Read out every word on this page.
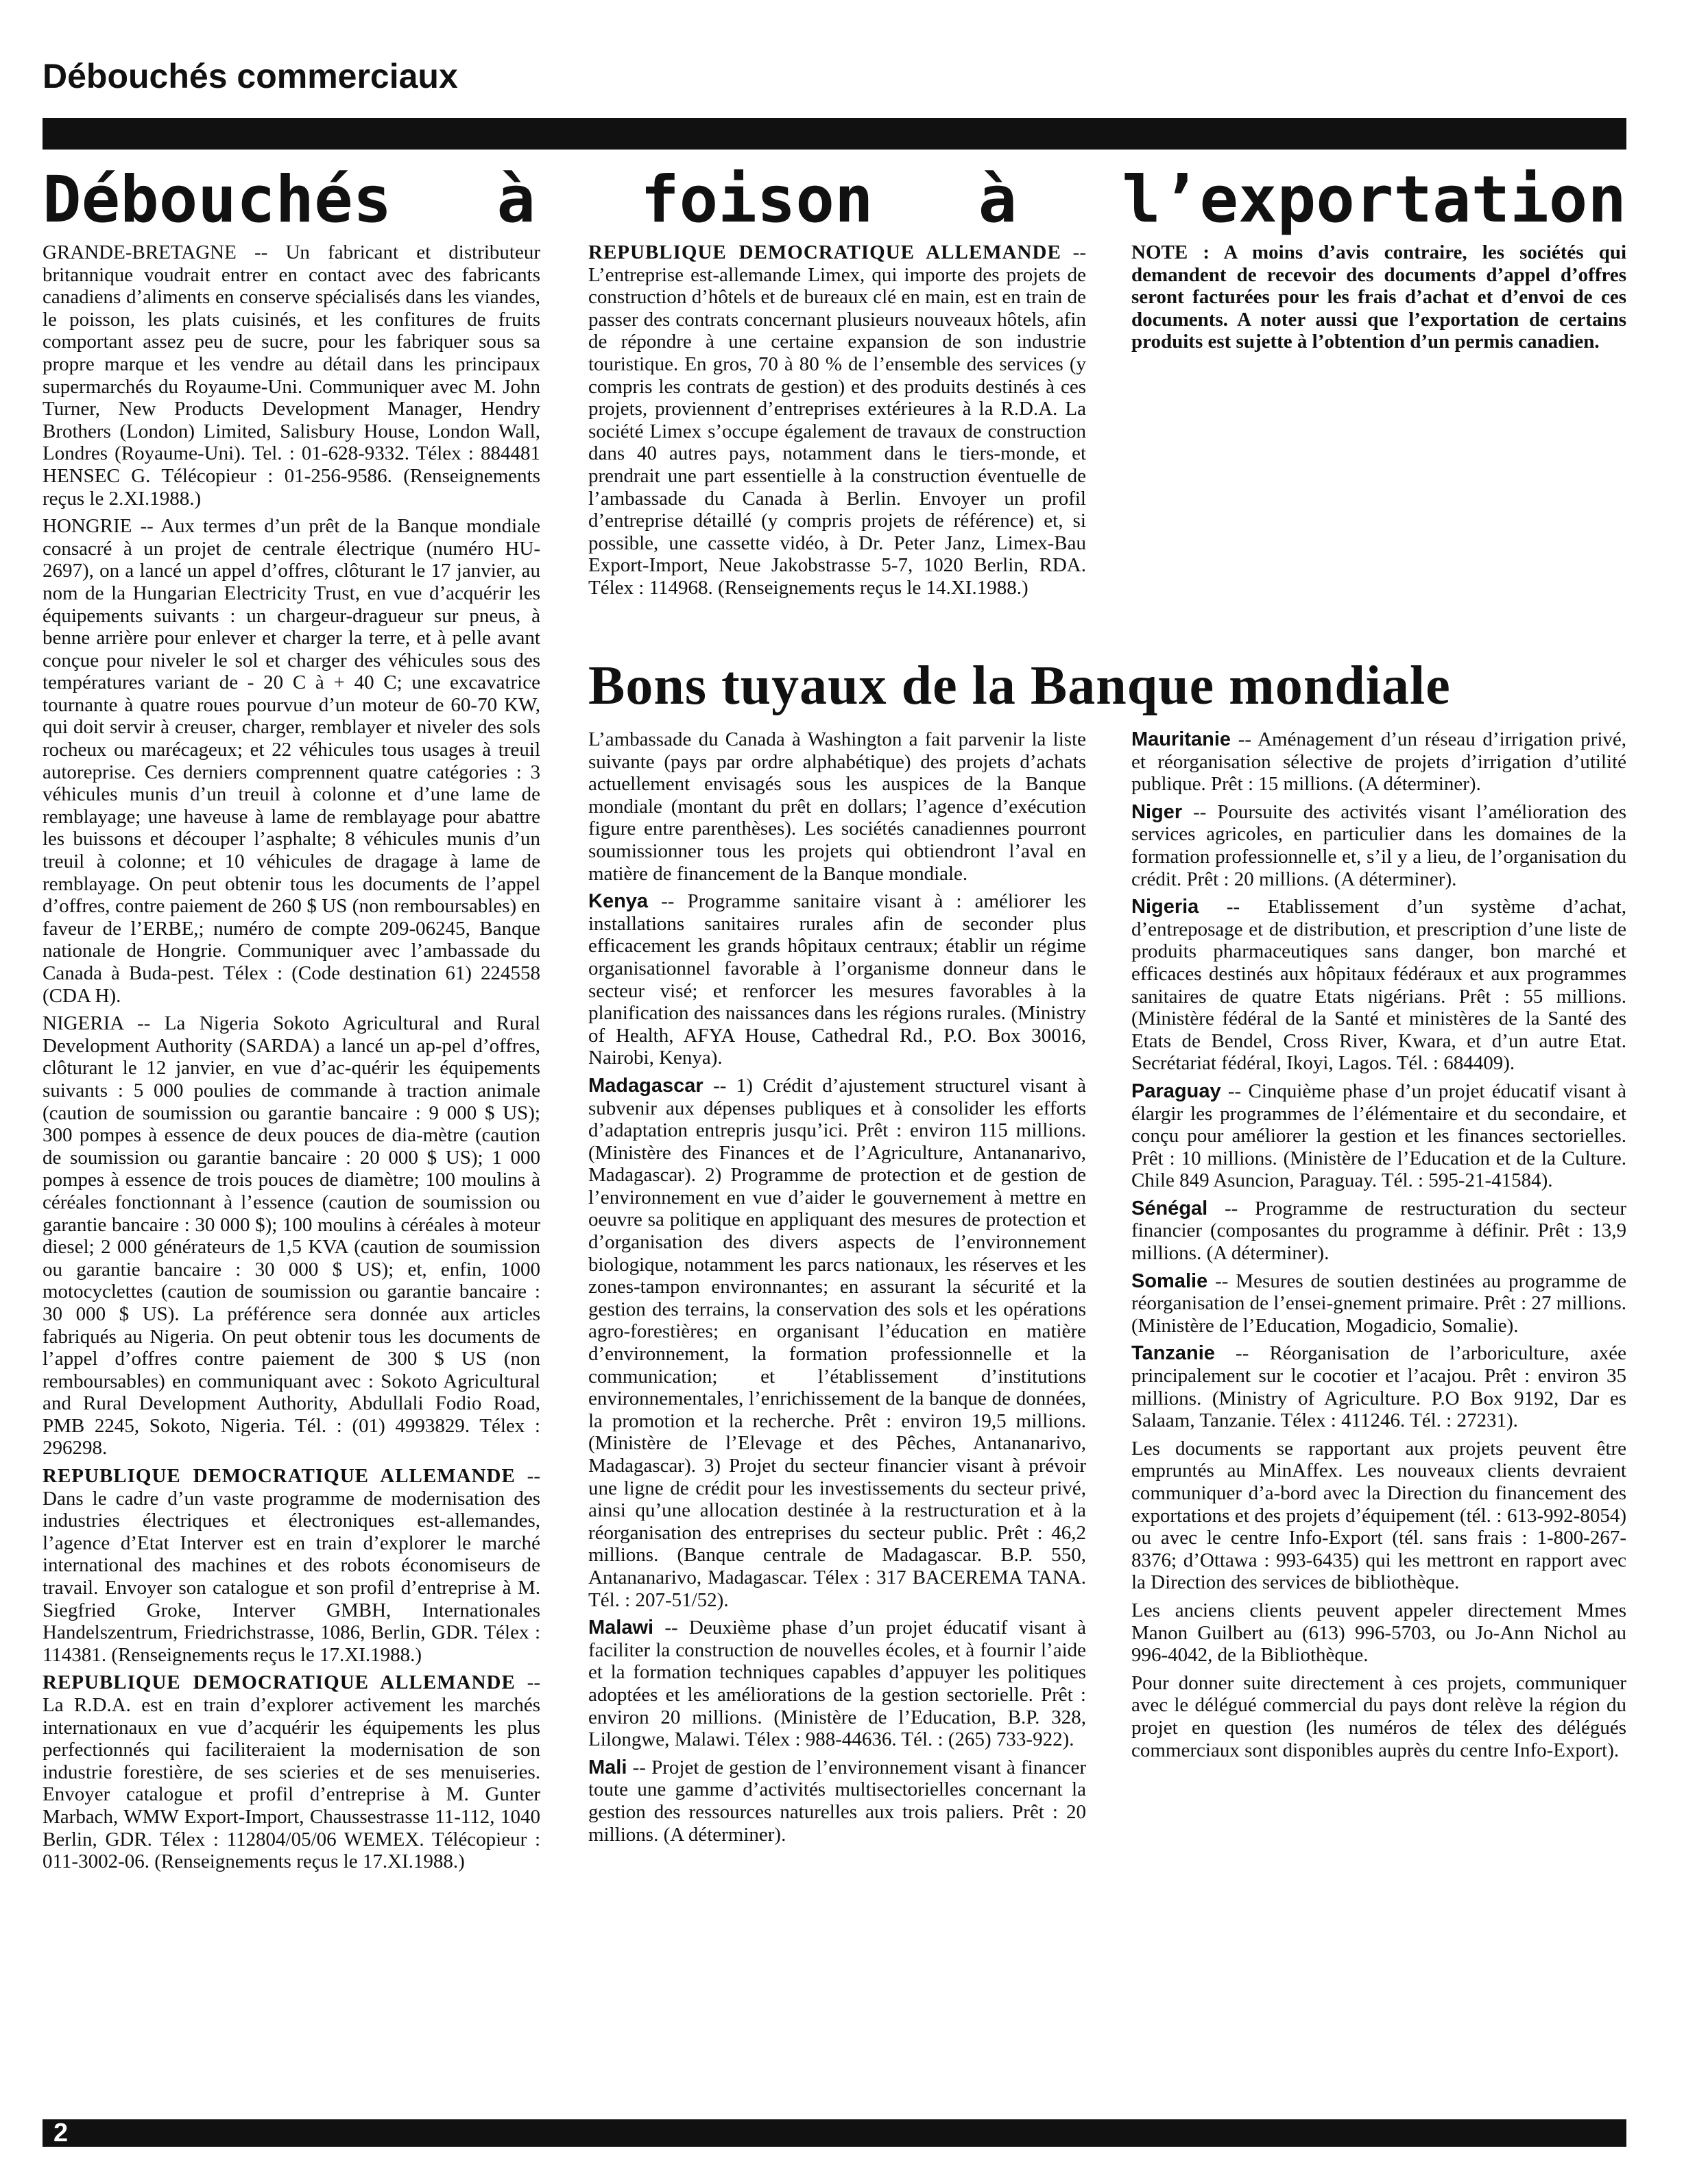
Débouchés commerciaux
Débouchés à foison à l’exportation

GRANDE-BRETAGNE -- Un fabricant et distributeur britannique voudrait entrer en contact avec des fabricants canadiens d’aliments en conserve spécialisés dans les viandes, le poisson, les plats cuisinés, et les confitures de fruits comportant assez peu de sucre, pour les fabriquer sous sa propre marque et les vendre au détail dans les principaux supermarchés du Royaume-Uni. Communiquer avec M. John Turner, New Products Development Manager, Hendry Brothers (London) Limited, Salisbury House, London Wall, Londres (Royaume-Uni). Tel. : 01-628-9332. Télex : 884481 HENSEC G. Télécopieur : 01-256-9586. (Renseignements reçus le 2.XI.1988.)

HONGRIE -- Aux termes d’un prêt de la Banque mondiale consacré à un projet de centrale électrique (numéro HU-2697), on a lancé un appel d’offres, clôturant le 17 janvier, au nom de la Hungarian Electricity Trust, en vue d’acquérir les équipements suivants : un chargeur-dragueur sur pneus, à benne arrière pour enlever et charger la terre, et à pelle avant conçue pour niveler le sol et charger des véhicules sous des températures variant de - 20 C à + 40 C; une excavatrice tournante à quatre roues pourvue d’un moteur de 60-70 KW, qui doit servir à creuser, charger, remblayer et niveler des sols rocheux ou marécageux; et 22 véhicules tous usages à treuil autoreprise. Ces derniers comprennent quatre catégories : 3 véhicules munis d’un treuil à colonne et d’une lame de remblayage; une haveuse à lame de remblayage pour abattre les buissons et découper l’asphalte; 8 véhicules munis d’un treuil à colonne; et 10 véhicules de dragage à lame de remblayage. On peut obtenir tous les documents de l’appel d’offres, contre paiement de 260 $ US (non remboursables) en faveur de l’ERBE,; numéro de compte 209-06245, Banque nationale de Hongrie. Communiquer avec l’ambassade du Canada à Buda-pest. Télex : (Code destination 61) 224558 (CDA H).

NIGERIA -- La Nigeria Sokoto Agricultural and Rural Development Authority (SARDA) a lancé un ap-pel d’offres, clôturant le 12 janvier, en vue d’ac-quérir les équipements suivants : 5 000 poulies de commande à traction animale (caution de soumission ou garantie bancaire : 9 000 $ US); 300 pompes à essence de deux pouces de dia-mètre (caution de soumission ou garantie bancaire : 20 000 $ US); 1 000 pompes à essence de trois pouces de diamètre; 100 moulins à céréales fonctionnant à l’essence (caution de soumission ou garantie bancaire : 30 000 $); 100 moulins à céréales à moteur diesel; 2 000 générateurs de 1,5 KVA (caution de soumission ou garantie bancaire : 30 000 $ US); et, enfin, 1000 motocyclettes (caution de soumission ou garantie bancaire : 30 000 $ US). La préférence sera donnée aux articles fabriqués au Nigeria. On peut obtenir tous les documents de l’appel d’offres contre paiement de 300 $ US (non remboursables) en communiquant avec : Sokoto Agricultural and Rural Development Authority, Abdullali Fodio Road, PMB 2245, Sokoto, Nigeria. Tél. : (01) 4993829. Télex : 296298.

REPUBLIQUE DEMOCRATIQUE ALLEMANDE -- Dans le cadre d’un vaste programme de modernisation des industries électriques et électroniques est-allemandes, l’agence d’Etat Interver est en train d’explorer le marché international des machines et des robots économiseurs de travail. Envoyer son catalogue et son profil d’entreprise à M. Siegfried Groke, Interver GMBH, Internationales Handelszentrum, Friedrichstrasse, 1086, Berlin, GDR. Télex : 114381. (Renseignements reçus le 17.XI.1988.)

REPUBLIQUE DEMOCRATIQUE ALLEMANDE -- La R.D.A. est en train d’explorer activement les marchés internationaux en vue d’acquérir les équipements les plus perfectionnés qui faciliteraient la modernisation de son industrie forestière, de ses scieries et de ses menuiseries. Envoyer catalogue et profil d’entreprise à M. Gunter Marbach, WMW Export-Import, Chaussestrasse 11-112, 1040 Berlin, GDR. Télex : 112804/05/06 WEMEX. Télécopieur : 011-3002-06. (Renseignements reçus le 17.XI.1988.)

REPUBLIQUE DEMOCRATIQUE ALLEMANDE -- L’entreprise est-allemande Limex, qui importe des projets de construction d’hôtels et de bureaux clé en main, est en train de passer des contrats concernant plusieurs nouveaux hôtels, afin de répondre à une certaine expansion de son industrie touristique. En gros, 70 à 80 % de l’ensemble des services (y compris les contrats de gestion) et des produits destinés à ces projets, proviennent d’entreprises extérieures à la R.D.A. La société Limex s’occupe également de travaux de construction dans 40 autres pays, notamment dans le tiers-monde, et prendrait une part essentielle à la construction éventuelle de l’ambassade du Canada à Berlin. Envoyer un profil d’entreprise détaillé (y compris projets de référence) et, si possible, une cassette vidéo, à Dr. Peter Janz, Limex-Bau Export-Import, Neue Jakobstrasse 5-7, 1020 Berlin, RDA. Télex : 114968. (Renseignements reçus le 14.XI.1988.)

NOTE : A moins d’avis contraire, les sociétés qui demandent de recevoir des documents d’appel d’offres seront facturées pour les frais d’achat et d’envoi de ces documents. A noter aussi que l’exportation de certains produits est sujette à l’obtention d’un permis canadien.

Bons tuyaux de la Banque mondiale

L’ambassade du Canada à Washington a fait parvenir la liste suivante (pays par ordre alphabétique) des projets d’achats actuellement envisagés sous les auspices de la Banque mondiale (montant du prêt en dollars; l’agence d’exécution figure entre parenthèses). Les sociétés canadiennes pourront soumissionner tous les projets qui obtiendront l’aval en matière de financement de la Banque mondiale.

Kenya -- Programme sanitaire visant à : améliorer les installations sanitaires rurales afin de seconder plus efficacement les grands hôpitaux centraux; établir un régime organisationnel favorable à l’organisme donneur dans le secteur visé; et renforcer les mesures favorables à la planification des naissances dans les régions rurales. (Ministry of Health, AFYA House, Cathedral Rd., P.O. Box 30016, Nairobi, Kenya).

Madagascar -- 1) Crédit d’ajustement structurel visant à subvenir aux dépenses publiques et à consolider les efforts d’adaptation entrepris jusqu’ici. Prêt : environ 115 millions. (Ministère des Finances et de l’Agriculture, Antananarivo, Madagascar). 2) Programme de protection et de gestion de l’environnement en vue d’aider le gouvernement à mettre en oeuvre sa politique en appliquant des mesures de protection et d’organisation des divers aspects de l’environnement biologique, notamment les parcs nationaux, les réserves et les zones-tampon environnantes; en assurant la sécurité et la gestion des terrains, la conservation des sols et les opérations agro-forestières; en organisant l’éducation en matière d’environnement, la formation professionnelle et la communication; et l’établissement d’institutions environnementales, l’enrichissement de la banque de données, la promotion et la recherche. Prêt : environ 19,5 millions. (Ministère de l’Elevage et des Pêches, Antananarivo, Madagascar). 3) Projet du secteur financier visant à prévoir une ligne de crédit pour les investissements du secteur privé, ainsi qu’une allocation destinée à la restructuration et à la réorganisation des entreprises du secteur public. Prêt : 46,2 millions. (Banque centrale de Madagascar. B.P. 550, Antananarivo, Madagascar. Télex : 317 BACEREMA TANA. Tél. : 207-51/52).

Malawi -- Deuxième phase d’un projet éducatif visant à faciliter la construction de nouvelles écoles, et à fournir l’aide et la formation techniques capables d’appuyer les politiques adoptées et les améliorations de la gestion sectorielle. Prêt : environ 20 millions. (Ministère de l’Education, B.P. 328, Lilongwe, Malawi. Télex : 988-44636. Tél. : (265) 733-922).

Mali -- Projet de gestion de l’environnement visant à financer toute une gamme d’activités multisectorielles concernant la gestion des ressources naturelles aux trois paliers. Prêt : 20 millions. (A déterminer).

Mauritanie -- Aménagement d’un réseau d’irrigation privé, et réorganisation sélective de projets d’irrigation d’utilité publique. Prêt : 15 millions. (A déterminer).

Niger -- Poursuite des activités visant l’amélioration des services agricoles, en particulier dans les domaines de la formation professionnelle et, s’il y a lieu, de l’organisation du crédit. Prêt : 20 millions. (A déterminer).

Nigeria -- Etablissement d’un système d’achat, d’entreposage et de distribution, et prescription d’une liste de produits pharmaceutiques sans danger, bon marché et efficaces destinés aux hôpitaux fédéraux et aux programmes sanitaires de quatre Etats nigérians. Prêt : 55 millions. (Ministère fédéral de la Santé et ministères de la Santé des Etats de Bendel, Cross River, Kwara, et d’un autre Etat. Secrétariat fédéral, Ikoyi, Lagos. Tél. : 684409).

Paraguay -- Cinquième phase d’un projet éducatif visant à élargir les programmes de l’élémentaire et du secondaire, et conçu pour améliorer la gestion et les finances sectorielles. Prêt : 10 millions. (Ministère de l’Education et de la Culture. Chile 849 Asuncion, Paraguay. Tél. : 595-21-41584).

Sénégal -- Programme de restructuration du secteur financier (composantes du programme à définir. Prêt : 13,9 millions. (A déterminer).

Somalie -- Mesures de soutien destinées au programme de réorganisation de l’ensei-gnement primaire. Prêt : 27 millions. (Ministère de l’Education, Mogadicio, Somalie).

Tanzanie -- Réorganisation de l’arboriculture, axée principalement sur le cocotier et l’acajou. Prêt : environ 35 millions. (Ministry of Agriculture. P.O Box 9192, Dar es Salaam, Tanzanie. Télex : 411246. Tél. : 27231).

Les documents se rapportant aux projets peuvent être empruntés au MinAffex. Les nouveaux clients devraient communiquer d’a-bord avec la Direction du financement des exportations et des projets d’équipement (tél. : 613-992-8054) ou avec le centre Info-Export (tél. sans frais : 1-800-267-8376; d’Ottawa : 993-6435) qui les mettront en rapport avec la Direction des services de bibliothèque.

Les anciens clients peuvent appeler directement Mmes Manon Guilbert au (613) 996-5703, ou Jo-Ann Nichol au 996-4042, de la Bibliothèque.

Pour donner suite directement à ces projets, communiquer avec le délégué commercial du pays dont relève la région du projet en question (les numéros de télex des délégués commerciaux sont disponibles auprès du centre Info-Export).

2
